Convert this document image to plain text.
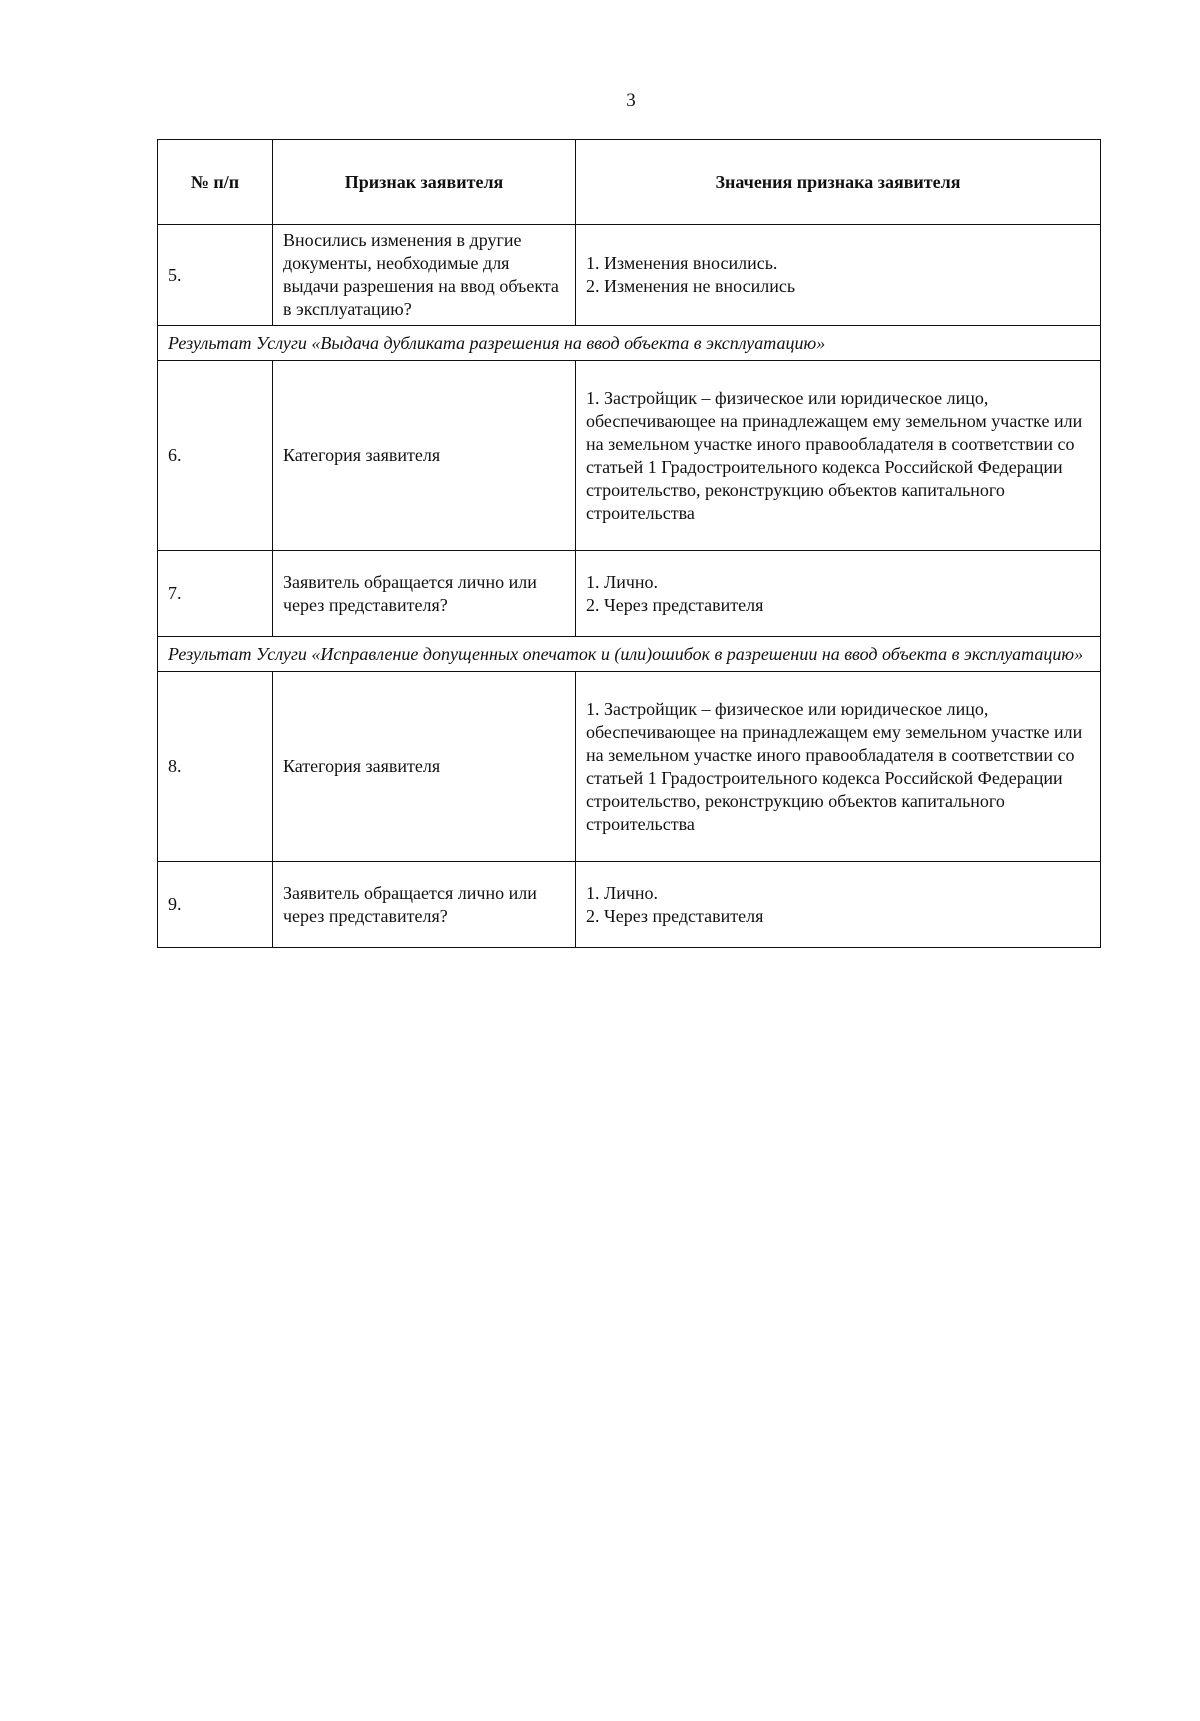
3
№ п/п	Признак заявителя	Значения признака заявителя
5.	Вносились изменения в другие документы, необходимые для выдачи разрешения на ввод объекта в эксплуатацию?	1. Изменения вносились.
2. Изменения не вносились

Результат Услуги «Выдача дубликата разрешения на ввод объекта в эксплуатацию»		
6.	Категория заявителя	1. Застройщик – физическое или юридическое лицо, обеспечивающее на принадлежащем ему земельном участке или на земельном участке иного правообладателя в соответствии со статьей 1 Градостроительного кодекса Российской Федерации строительство, реконструкцию объектов капитального строительства
7.	Заявитель обращается лично или через представителя?	1. Лично.
2. Через представителя

Результат Услуги «Исправление допущенных опечаток и (или)ошибок в разрешении на ввод объекта в эксплуатацию»		
8.	Категория заявителя	1. Застройщик – физическое или юридическое лицо, обеспечивающее на принадлежащем ему земельном участке или на земельном участке иного правообладателя в соответствии со статьей 1 Градостроительного кодекса Российской Федерации строительство, реконструкцию объектов капитального строительства
9.	Заявитель обращается лично или через представителя?	1. Лично.
2. Через представителя
